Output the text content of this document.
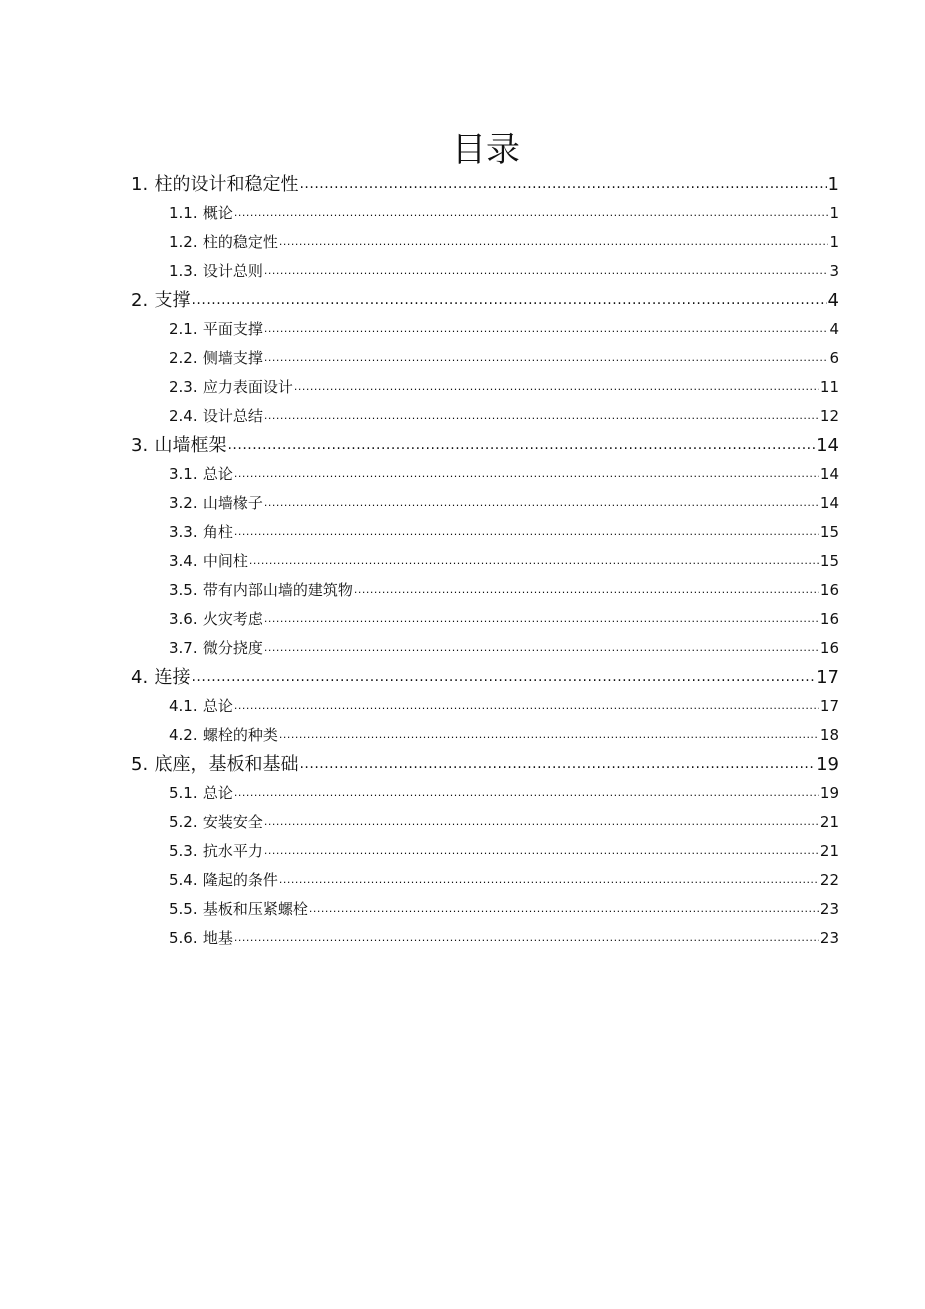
目录
1. 柱的设计和稳定性 .....	1
1.1. 概论 .....	1
1.2. 柱的稳定性 .....	1
1.3. 设计总则 .....	3
2. 支撑 .....	4
2.1. 平面支撑 .....	4
2.2. 侧墙支撑 .....	6
2.3. 应力表面设计 .....	11
2.4. 设计总结 .....	12
3. 山墙框架 .....	14
3.1. 总论 .....	14
3.2. 山墙椽子 .....	14
3.3. 角柱 .....	15
3.4. 中间柱 .....	15
3.5. 带有内部山墙的建筑物 .....	16
3.6. 火灾考虑 .....	16
3.7. 微分挠度 .....	16
4. 连接 .....	17
4.1. 总论 .....	17
4.2. 螺栓的种类 .....	18
5. 底座，基板和基础 .....	19
5.1. 总论 .....	19
5.2. 安装安全 .....	21
5.3. 抗水平力 .....	21
5.4. 隆起的条件 .....	22
5.5. 基板和压紧螺栓 .....	23
5.6. 地基 .....	23
